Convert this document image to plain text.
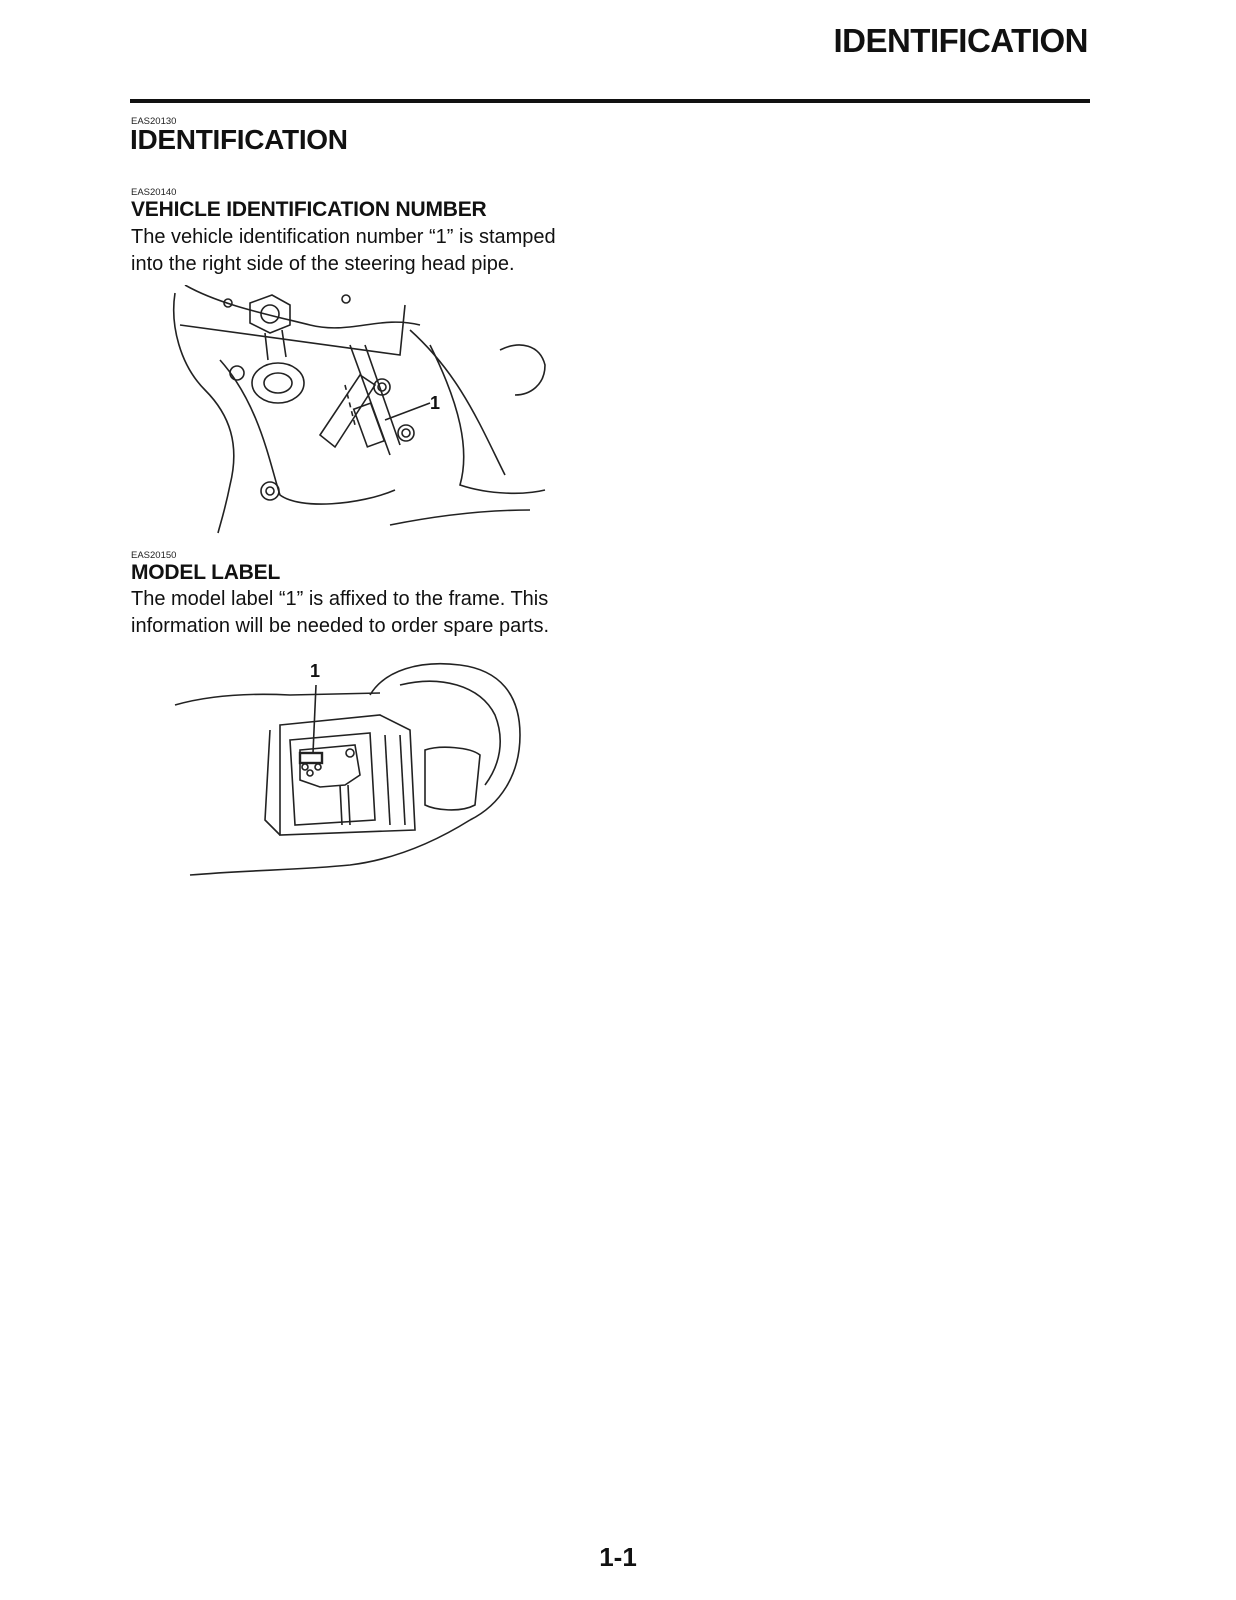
IDENTIFICATION
EAS20130
IDENTIFICATION
EAS20140
VEHICLE IDENTIFICATION NUMBER
The vehicle identification number “1” is stamped
into the right side of the steering head pipe.
1
EAS20150
MODEL LABEL
The model label “1” is affixed to the frame. This
information will be needed to order spare parts.
1
1-1
